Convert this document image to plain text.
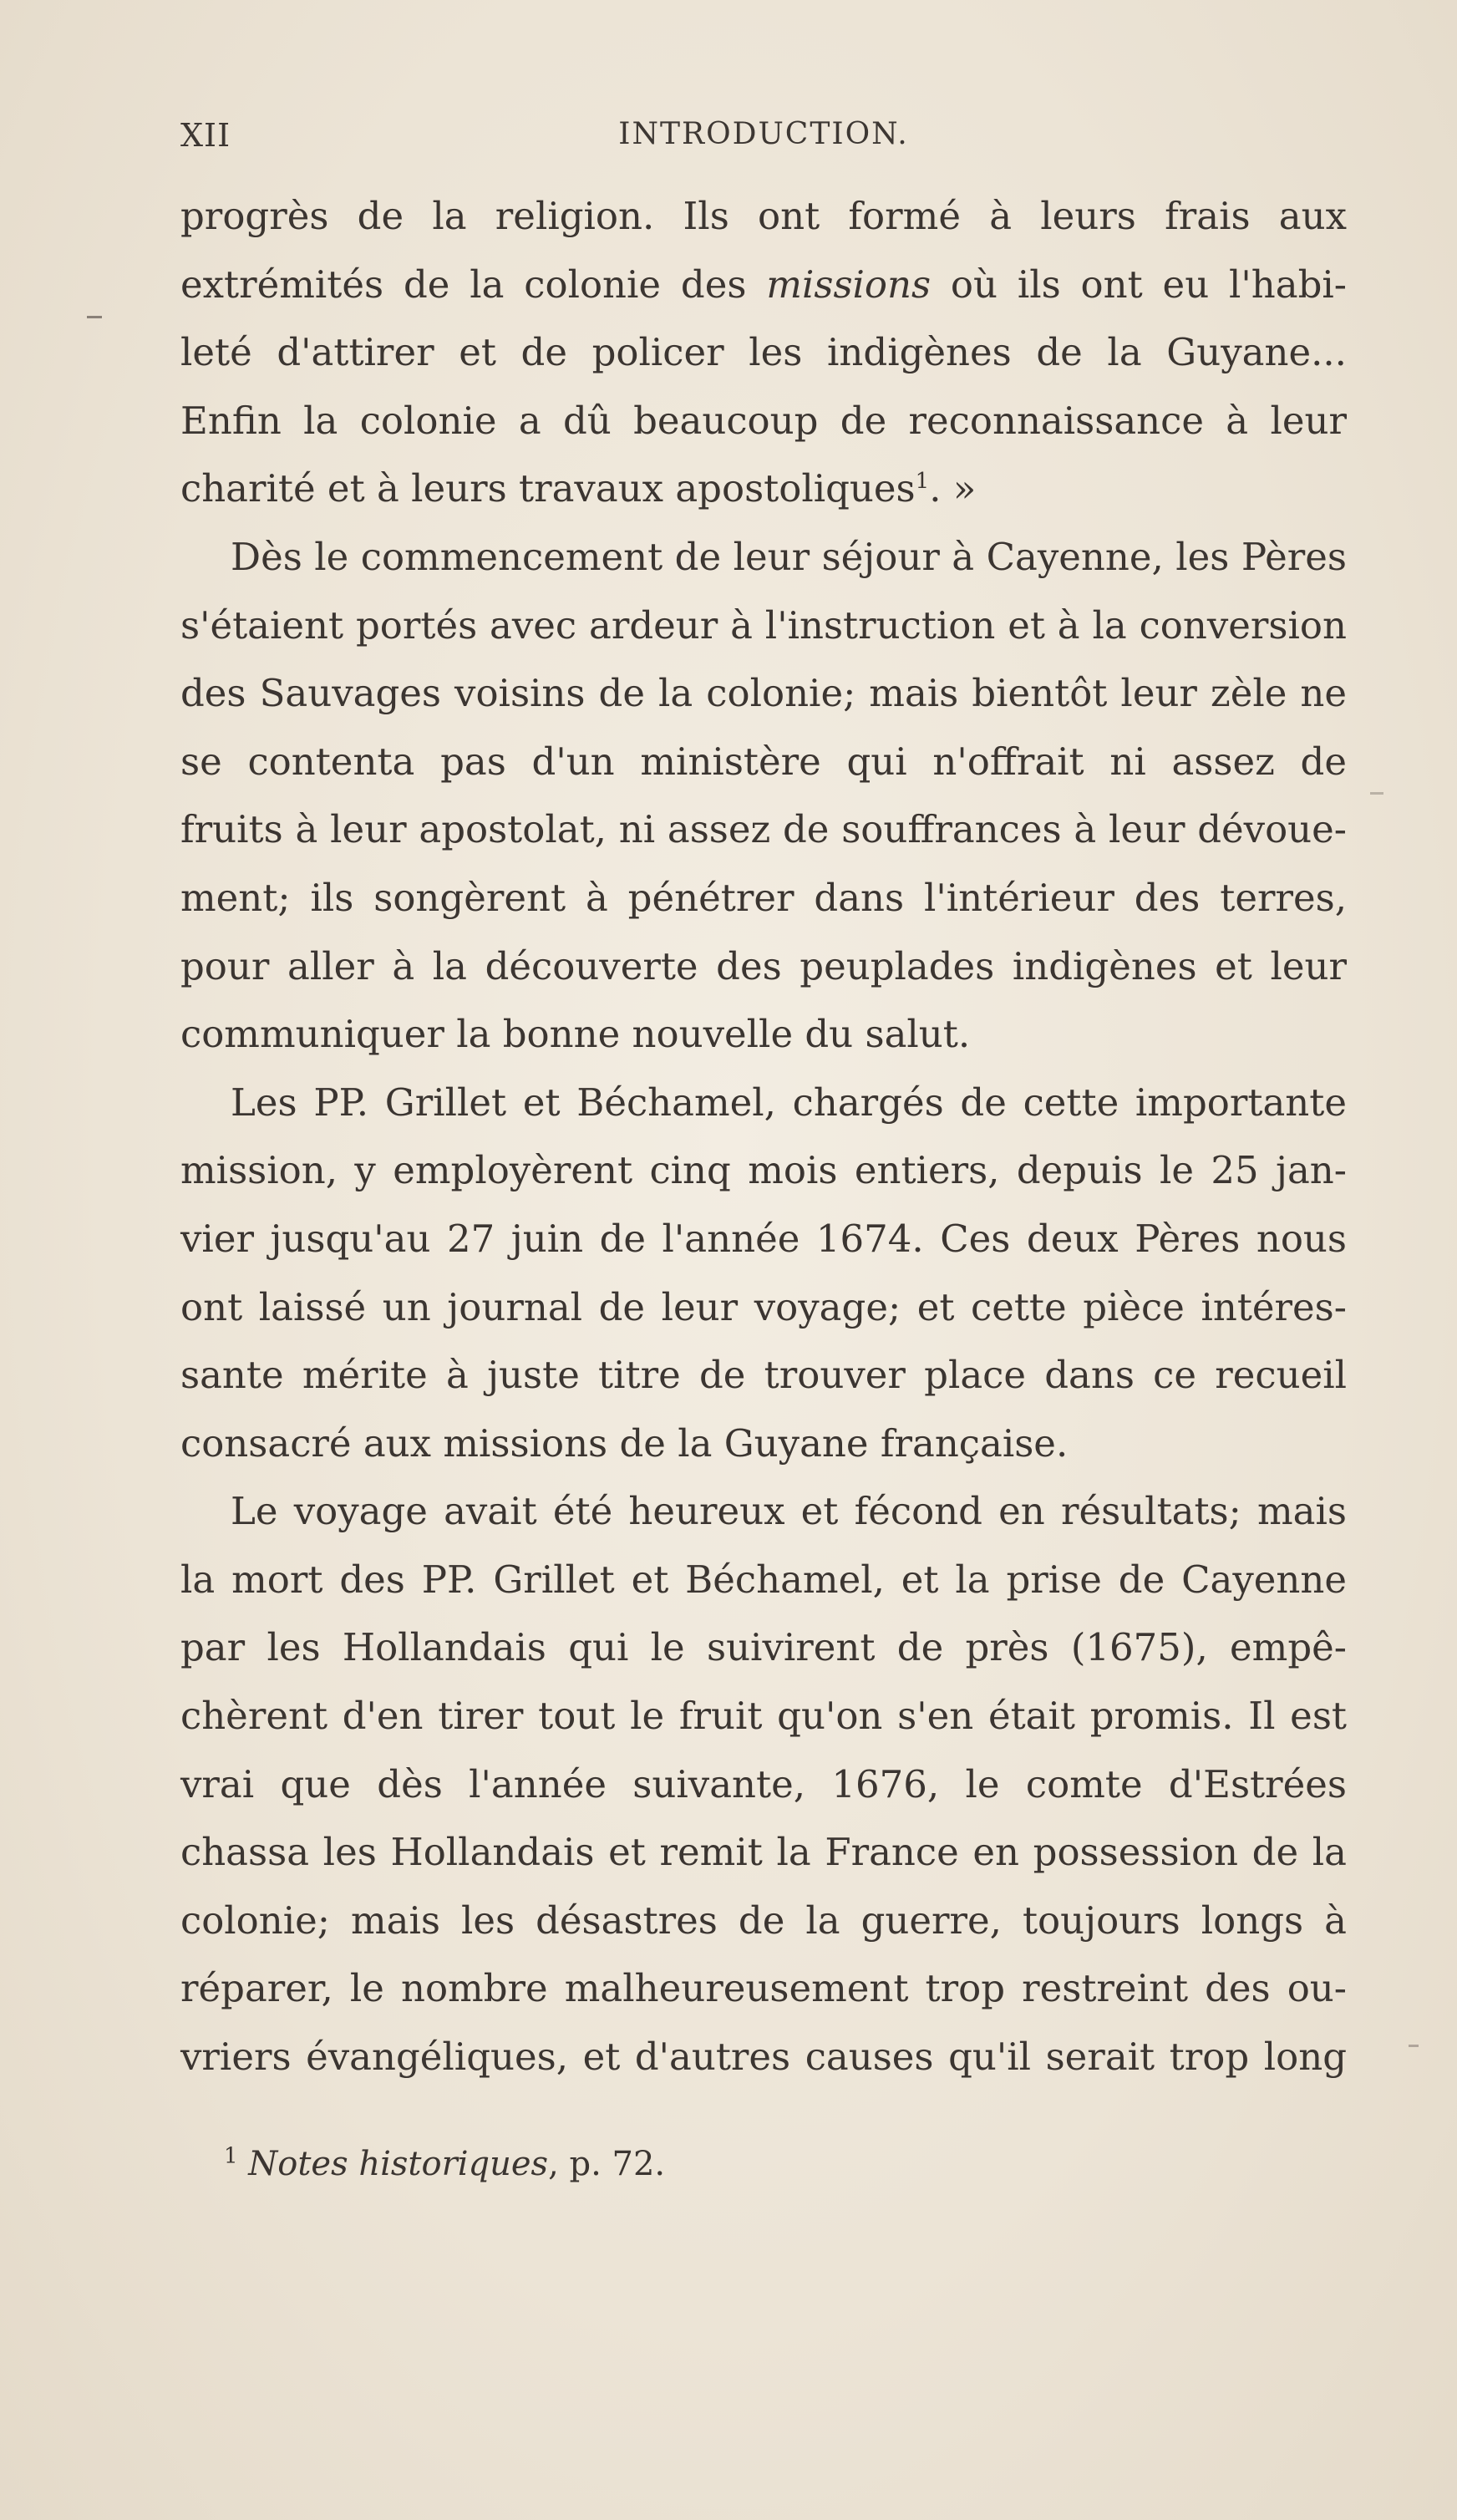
XII	INTRODUCTION.
progrès de la religion. Ils ont formé à leurs frais aux
extrémités de la colonie des missions où ils ont eu l'habi-
leté d'attirer et de policer les indigènes de la Guyane...
Enfin la colonie a dû beaucoup de reconnaissance à leur
charité et à leurs travaux apostoliques$^1$. »
Dès le commencement de leur séjour à Cayenne, les Pères
s'étaient portés avec ardeur à l'instruction et à la conversion
des Sauvages voisins de la colonie; mais bientôt leur zèle ne
se contenta pas d'un ministère qui n'offrait ni assez de
fruits à leur apostolat, ni assez de souffrances à leur dévoue-
ment; ils songèrent à pénétrer dans l'intérieur des terres,
pour aller à la découverte des peuplades indigènes et leur
communiquer la bonne nouvelle du salut.
Les PP. Grillet et Béchamel, chargés de cette importante
mission, y employèrent cinq mois entiers, depuis le 25 jan-
vier jusqu'au 27 juin de l'année 1674. Ces deux Pères nous
ont laissé un journal de leur voyage; et cette pièce intéres-
sante mérite à juste titre de trouver place dans ce recueil
consacré aux missions de la Guyane française.
Le voyage avait été heureux et fécond en résultats; mais
la mort des PP. Grillet et Béchamel, et la prise de Cayenne
par les Hollandais qui le suivirent de près (1675), empê-
chèrent d'en tirer tout le fruit qu'on s'en était promis. Il est
vrai que dès l'année suivante, 1676, le comte d'Estrées
chassa les Hollandais et remit la France en possession de la
colonie; mais les désastres de la guerre, toujours longs à
réparer, le nombre malheureusement trop restreint des ou-
vriers évangéliques, et d'autres causes qu'il serait trop long
$^1$ Notes historiques, p. 72.
